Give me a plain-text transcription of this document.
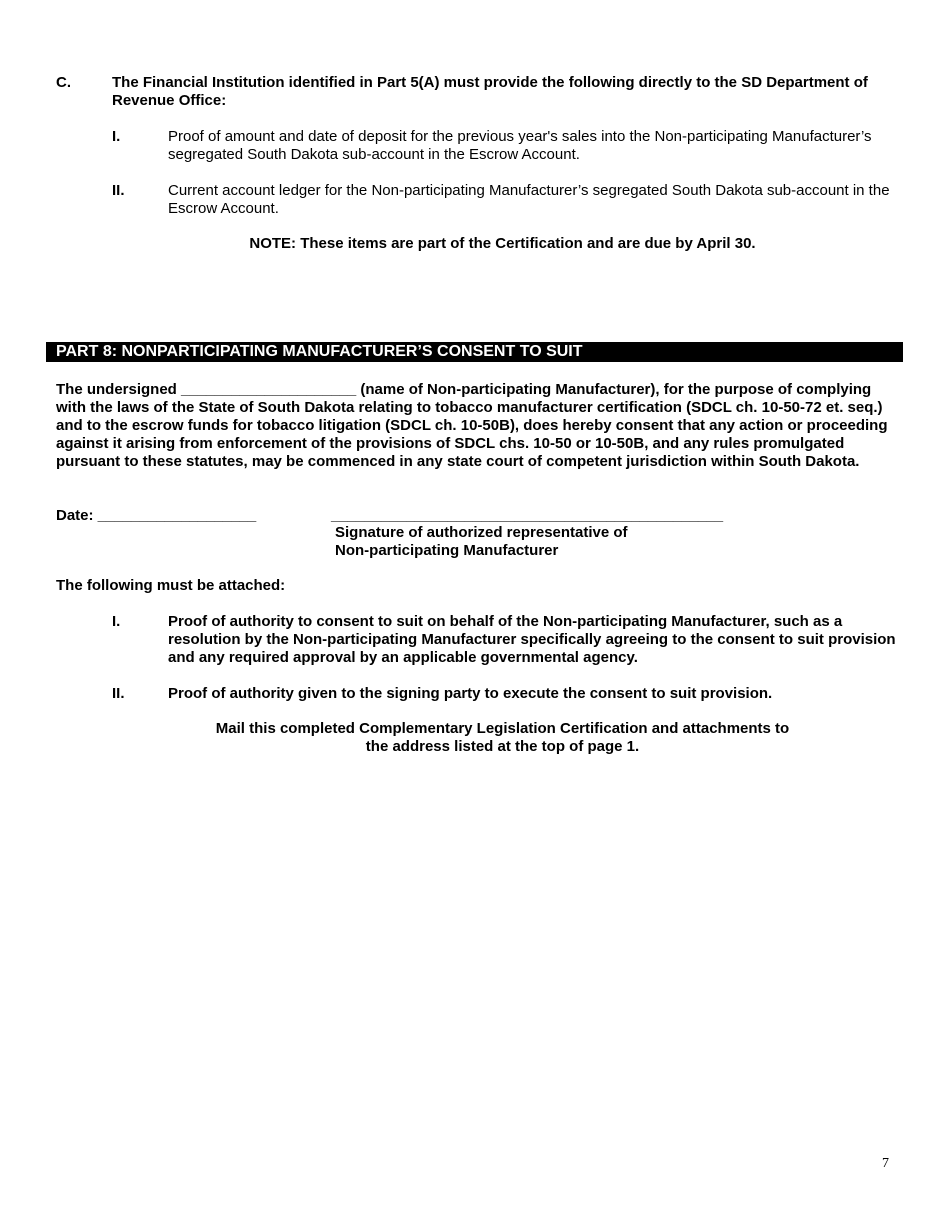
C.	The Financial Institution identified in Part 5(A) must provide the following directly to the SD Department of Revenue Office:
I.	Proof of amount and date of deposit for the previous year's sales into the Non-participating Manufacturer’s segregated South Dakota sub-account in the Escrow Account.
II.	Current account ledger for the Non-participating Manufacturer’s segregated South Dakota sub-account in the Escrow Account.
NOTE: These items are part of the Certification and are due by April 30.
PART 8: NONPARTICIPATING MANUFACTURER’S CONSENT TO SUIT
The undersigned _____________________ (name of Non-participating Manufacturer), for the purpose of complying with the laws of the State of South Dakota relating to tobacco manufacturer certification (SDCL ch. 10-50-72 et. seq.) and to the escrow funds for tobacco litigation (SDCL ch. 10-50B), does hereby consent that any action or proceeding against it arising from enforcement of the provisions of SDCL chs. 10-50 or 10-50B, and any rules promulgated pursuant to these statutes, may be commenced in any state court of competent jurisdiction within South Dakota.
Date: ___________________	_______________________________________________
Signature of authorized representative of
Non-participating Manufacturer
The following must be attached:
I.	Proof of authority to consent to suit on behalf of the Non-participating Manufacturer, such as a resolution by the Non-participating Manufacturer specifically agreeing to the consent to suit provision and any required approval by an applicable governmental agency.
II.	Proof of authority given to the signing party to execute the consent to suit provision.
Mail this completed Complementary Legislation Certification and attachments to
the address listed at the top of page 1.
7
